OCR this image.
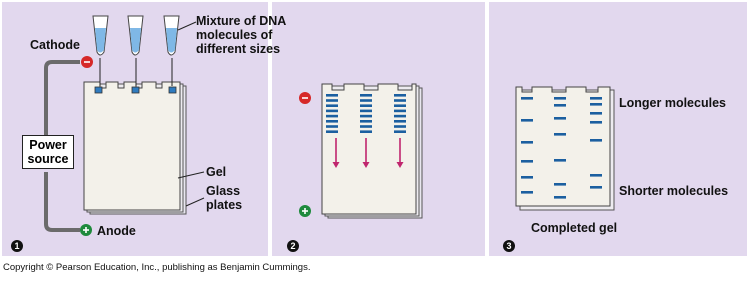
Cathode
Mixture of DNA molecules of different sizes
Power source
Gel
Glass plates
Anode
Longer molecules
Shorter molecules
Completed gel
1	2	3
Copyright © Pearson Education, Inc., publishing as Benjamin Cummings.
